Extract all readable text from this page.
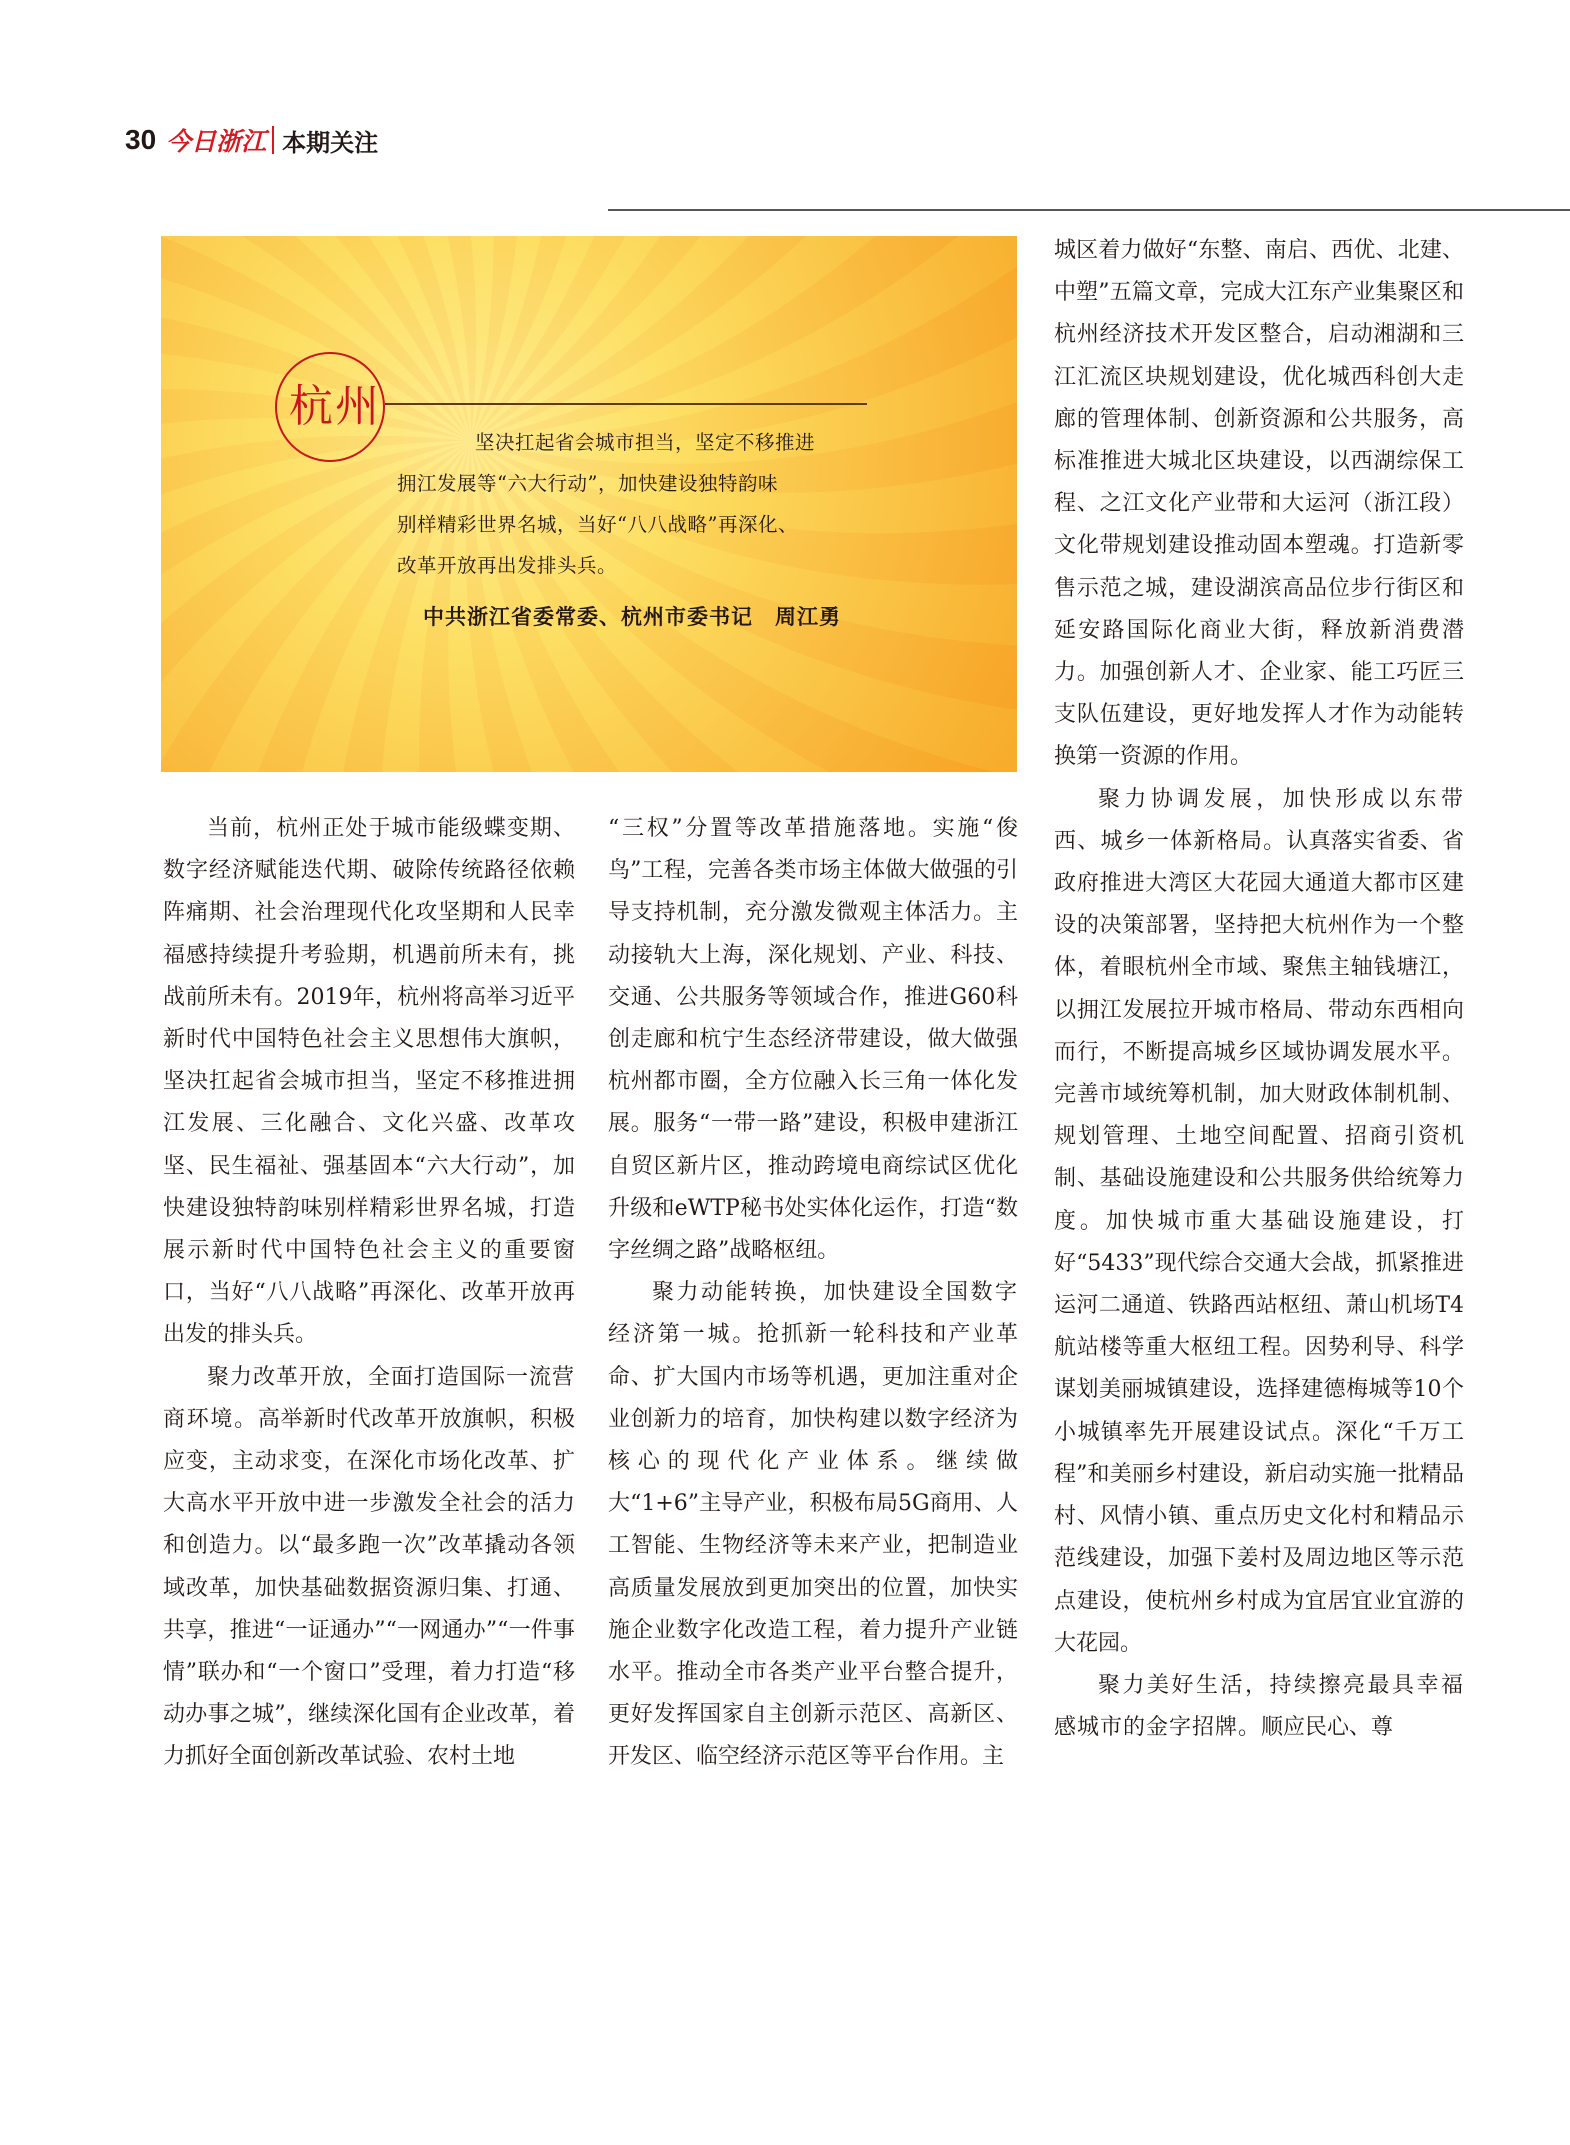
30 今日浙江 本期关注
杭州
坚决扛起省会城市担当，坚定不移推进
拥江发展等“六大行动”，加快建设独特韵味
别样精彩世界名城，当好“八八战略”再深化、
改革开放再出发排头兵。
中共浙江省委常委、杭州市委书记　周江勇

当前，杭州正处于城市能级蝶变期、数字经济赋能迭代期、破除传统路径依赖阵痛期、社会治理现代化攻坚期和人民幸福感持续提升考验期，机遇前所未有，挑战前所未有。2019年，杭州将高举习近平新时代中国特色社会主义思想伟大旗帜，坚决扛起省会城市担当，坚定不移推进拥江发展、三化融合、文化兴盛、改革攻坚、民生福祉、强基固本“六大行动”，加快建设独特韵味别样精彩世界名城，打造展示新时代中国特色社会主义的重要窗口，当好“八八战略”再深化、改革开放再出发的排头兵。

聚力改革开放，全面打造国际一流营商环境。高举新时代改革开放旗帜，积极应变，主动求变，在深化市场化改革、扩大高水平开放中进一步激发全社会的活力和创造力。以“最多跑一次”改革撬动各领域改革，加快基础数据资源归集、打通、共享，推进“一证通办”“一网通办”“一件事情”联办和“一个窗口”受理，着力打造“移动办事之城”，继续深化国有企业改革，着力抓好全面创新改革试验、农村土地

“三权”分置等改革措施落地。实施“俊鸟”工程，完善各类市场主体做大做强的引导支持机制，充分激发微观主体活力。主动接轨大上海，深化规划、产业、科技、交通、公共服务等领域合作，推进G60科创走廊和杭宁生态经济带建设，做大做强杭州都市圈，全方位融入长三角一体化发展。服务“一带一路”建设，积极申建浙江自贸区新片区，推动跨境电商综试区优化升级和eWTP秘书处实体化运作，打造“数字丝绸之路”战略枢纽。

聚力动能转换，加快建设全国数字经济第一城。抢抓新一轮科技和产业革命、扩大国内市场等机遇，更加注重对企业创新力的培育，加快构建以数字经济为核心的现代化产业体系。继续做大“1+6”主导产业，积极布局5G商用、人工智能、生物经济等未来产业，把制造业高质量发展放到更加突出的位置，加快实施企业数字化改造工程，着力提升产业链水平。推动全市各类产业平台整合提升，更好发挥国家自主创新示范区、高新区、开发区、临空经济示范区等平台作用。主

城区着力做好“东整、南启、西优、北建、中塑”五篇文章，完成大江东产业集聚区和杭州经济技术开发区整合，启动湘湖和三江汇流区块规划建设，优化城西科创大走廊的管理体制、创新资源和公共服务，高标准推进大城北区块建设，以西湖综保工程、之江文化产业带和大运河（浙江段）文化带规划建设推动固本塑魂。打造新零售示范之城，建设湖滨高品位步行街区和延安路国际化商业大街，释放新消费潜力。加强创新人才、企业家、能工巧匠三支队伍建设，更好地发挥人才作为动能转换第一资源的作用。

聚力协调发展，加快形成以东带西、城乡一体新格局。认真落实省委、省政府推进大湾区大花园大通道大都市区建设的决策部署，坚持把大杭州作为一个整体，着眼杭州全市域、聚焦主轴钱塘江，以拥江发展拉开城市格局、带动东西相向而行，不断提高城乡区域协调发展水平。完善市域统筹机制，加大财政体制机制、规划管理、土地空间配置、招商引资机制、基础设施建设和公共服务供给统筹力度。加快城市重大基础设施建设，打好“5433”现代综合交通大会战，抓紧推进运河二通道、铁路西站枢纽、萧山机场T4航站楼等重大枢纽工程。因势利导、科学谋划美丽城镇建设，选择建德梅城等10个小城镇率先开展建设试点。深化“千万工程”和美丽乡村建设，新启动实施一批精品村、风情小镇、重点历史文化村和精品示范线建设，加强下姜村及周边地区等示范点建设，使杭州乡村成为宜居宜业宜游的大花园。

聚力美好生活，持续擦亮最具幸福感城市的金字招牌。顺应民心、尊
